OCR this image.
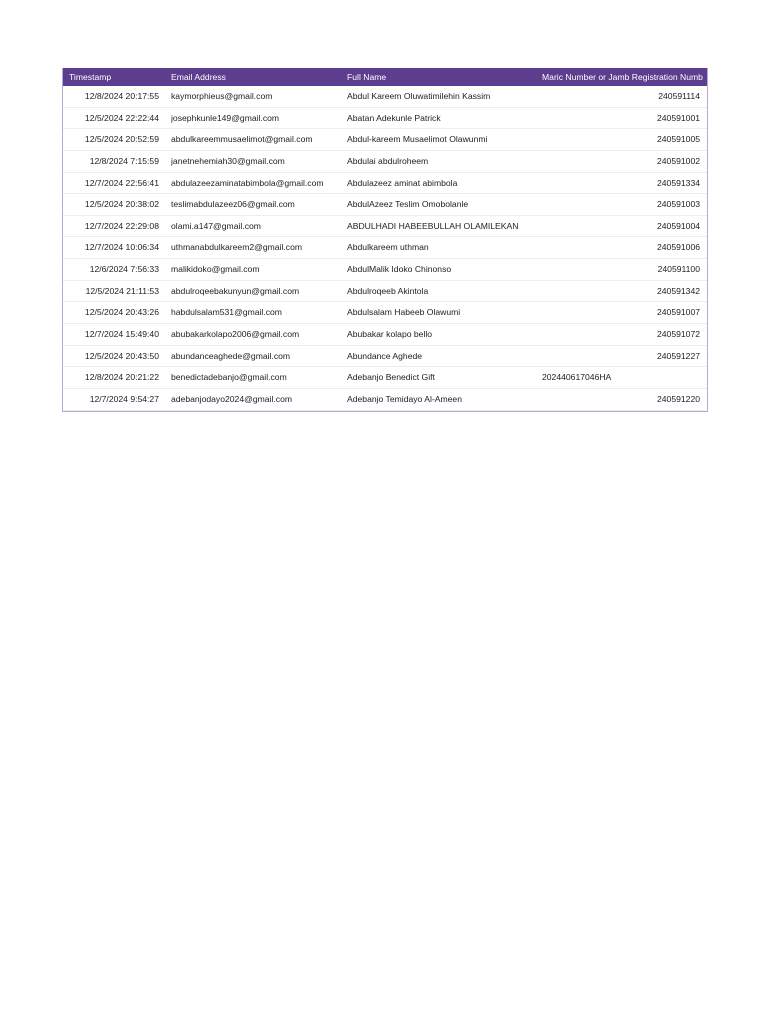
Timestamp	Email Address	Full Name	Maric Number or Jamb Registration Numb
12/8/2024 20:17:55 kaymorphieus@gmail.com	Abdul Kareem Oluwatimilehin Kassim	240591114
12/5/2024 22:22:44 josephkunle149@gmail.com	Abatan Adekunle Patrick	240591001
12/5/2024 20:52:59 abdulkareemmusaelimot@gmail.com	Abdul-kareem Musaelimot Olawunmi	240591005
12/8/2024 7:15:59 janetnehemiah30@gmail.com	Abdulai abdulroheem	240591002
12/7/2024 22:56:41 abdulazeezaminatabimbola@gmail.com	Abdulazeez aminat abimbola	240591334
12/5/2024 20:38:02 teslimabdulazeez06@gmail.com	AbdulAzeez Teslim Omobolanle	240591003
12/7/2024 22:29:08 olami.a147@gmail.com	ABDULHADI HABEEBULLAH OLAMILEKAN	240591004
12/7/2024 10:06:34 uthmanabdulkareem2@gmail.com	Abdulkareem uthman	240591006
12/6/2024 7:56:33 malikidoko@gmail.com	AbdulMalik Idoko Chinonso	240591100
12/5/2024 21:11:53 abdulroqeebakunyun@gmail.com	Abdulroqeeb Akintola	240591342
12/5/2024 20:43:26 habdulsalam531@gmail.com	Abdulsalam Habeeb Olawumi	240591007
12/7/2024 15:49:40 abubakarkolapo2006@gmail.com	Abubakar kolapo bello	240591072
12/5/2024 20:43:50 abundanceaghede@gmail.com	Abundance Aghede	240591227
12/8/2024 20:21:22 benedictadebanjo@gmail.com	Adebanjo Benedict Gift	202440617046HA
12/7/2024 9:54:27 adebanjodayo2024@gmail.com	Adebanjo Temidayo Al-Ameen	240591220
